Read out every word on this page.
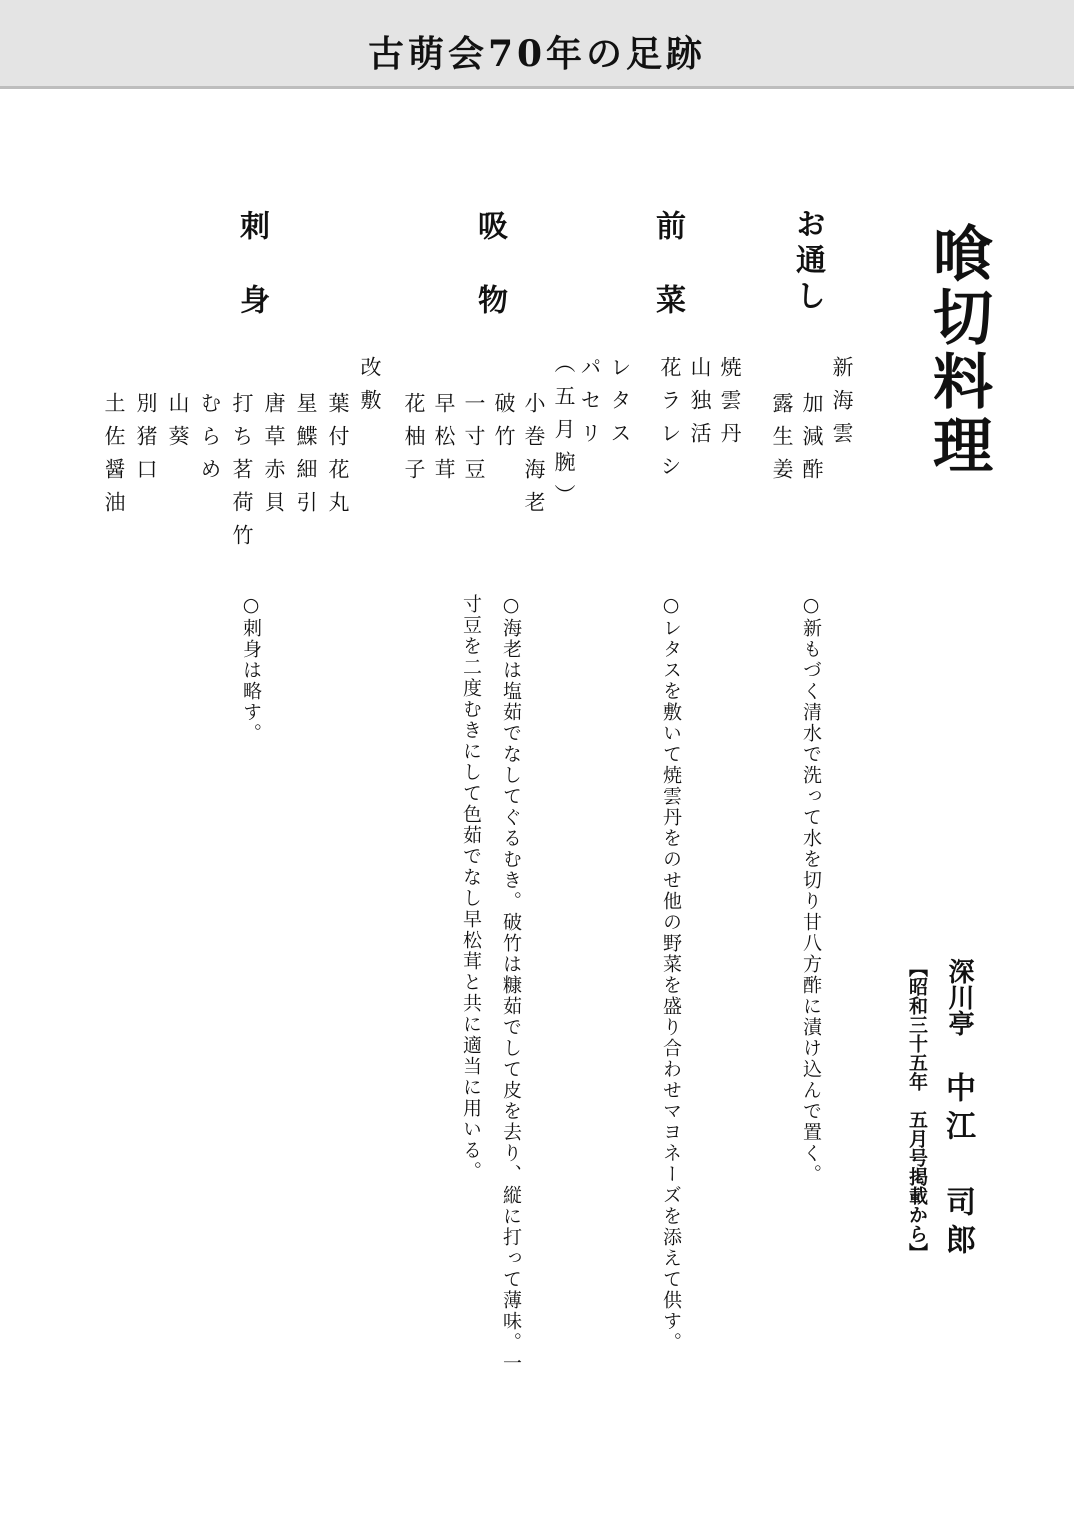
古萌会70年の足跡
喰切料理
深川亭
中江　司郎
【昭和三十五年　五月号掲載から】
お通し
新海雲
加減酢
露生姜
○新もづく清水で洗って水を切り甘八方酢に漬け込んで置く。
前菜
焼雲丹
山独活
花ラレシ
レタス
パセリ
○レタスを敷いて焼雲丹をのせ他の野菜を盛り合わせマヨネーズを添えて供す。
吸物
（五月腕）
小巻海老
破竹
一寸豆
早松茸
花柚子
○海老は塩茹でなしてぐるむき。破竹は糠茹でして皮を去り、縦に打って薄味。一
寸豆を二度むきにして色茹でなし早松茸と共に適当に用いる。
刺身
改敷
葉付花丸
星鰈細引
唐草赤貝
打ち茗荷竹
むらめ
山葵
別猪口
土佐醤油
○刺身は略す。
